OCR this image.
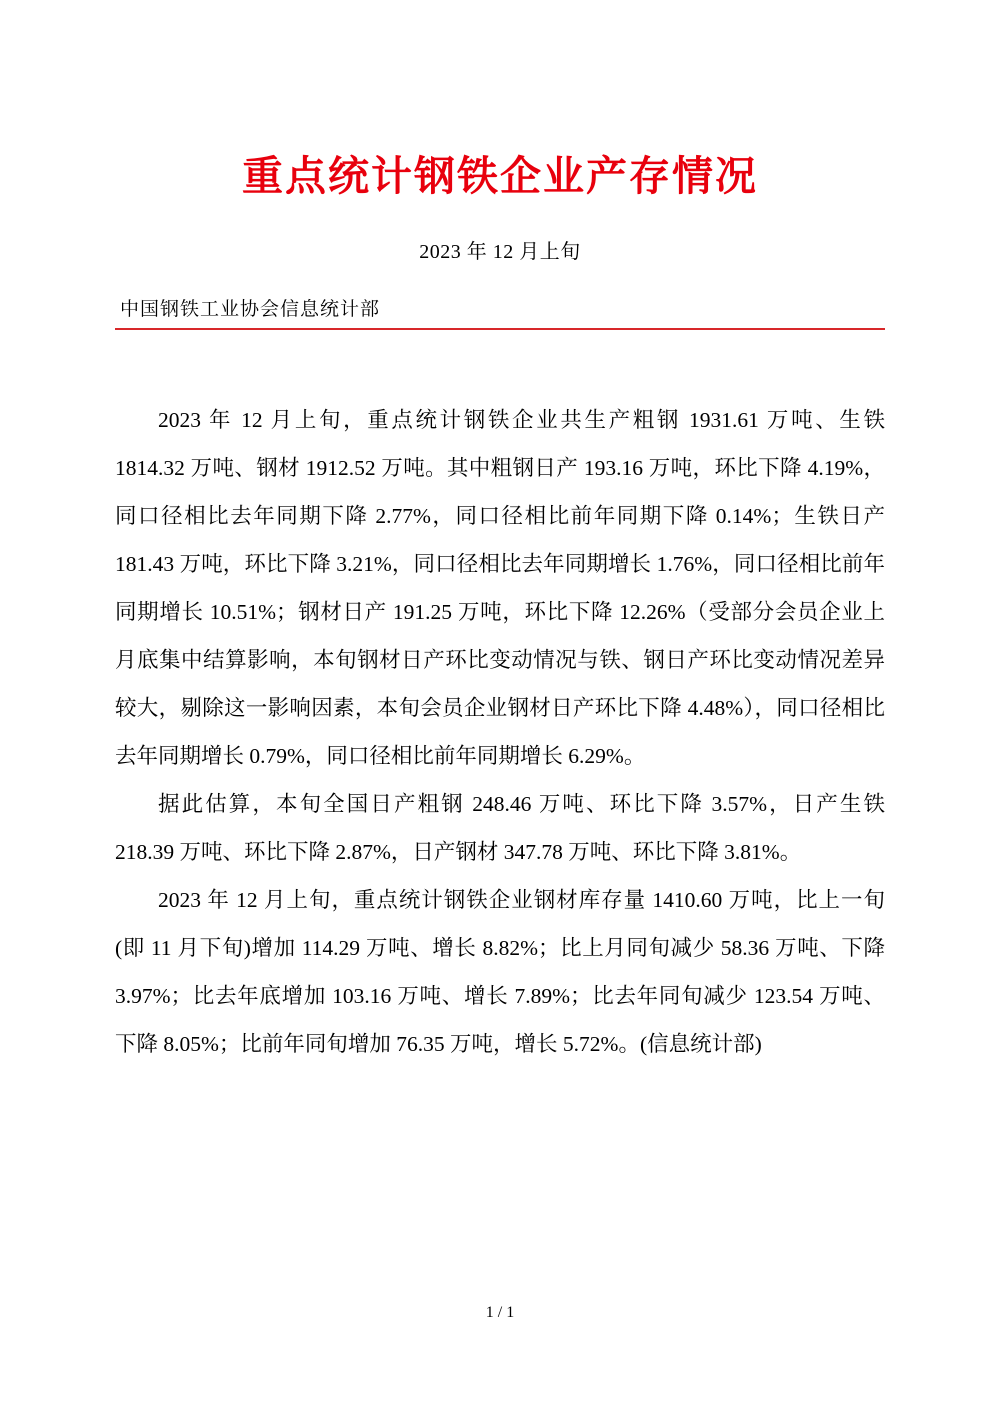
重点统计钢铁企业产存情况
2023 年 12 月上旬
中国钢铁工业协会信息统计部

2023 年 12 月上旬，重点统计钢铁企业共生产粗钢 1931.61 万吨、生铁 1814.32 万吨、钢材 1912.52 万吨。其中粗钢日产 193.16 万吨，环比下降 4.19%，同口径相比去年同期下降 2.77%，同口径相比前年同期下降 0.14%；生铁日产 181.43 万吨，环比下降 3.21%，同口径相比去年同期增长 1.76%，同口径相比前年同期增长 10.51%；钢材日产 191.25 万吨，环比下降 12.26%（受部分会员企业上月底集中结算影响，本旬钢材日产环比变动情况与铁、钢日产环比变动情况差异较大，剔除这一影响因素，本旬会员企业钢材日产环比下降 4.48%），同口径相比去年同期增长 0.79%，同口径相比前年同期增长 6.29%。

据此估算，本旬全国日产粗钢 248.46 万吨、环比下降 3.57%，日产生铁 218.39 万吨、环比下降 2.87%，日产钢材 347.78 万吨、环比下降 3.81%。

2023 年 12 月上旬，重点统计钢铁企业钢材库存量 1410.60 万吨，比上一旬(即 11 月下旬)增加 114.29 万吨、增长 8.82%；比上月同旬减少 58.36 万吨、下降 3.97%；比去年底增加 103.16 万吨、增长 7.89%；比去年同旬减少 123.54 万吨、下降 8.05%；比前年同旬增加 76.35 万吨，增长 5.72%。(信息统计部)

1 / 1
